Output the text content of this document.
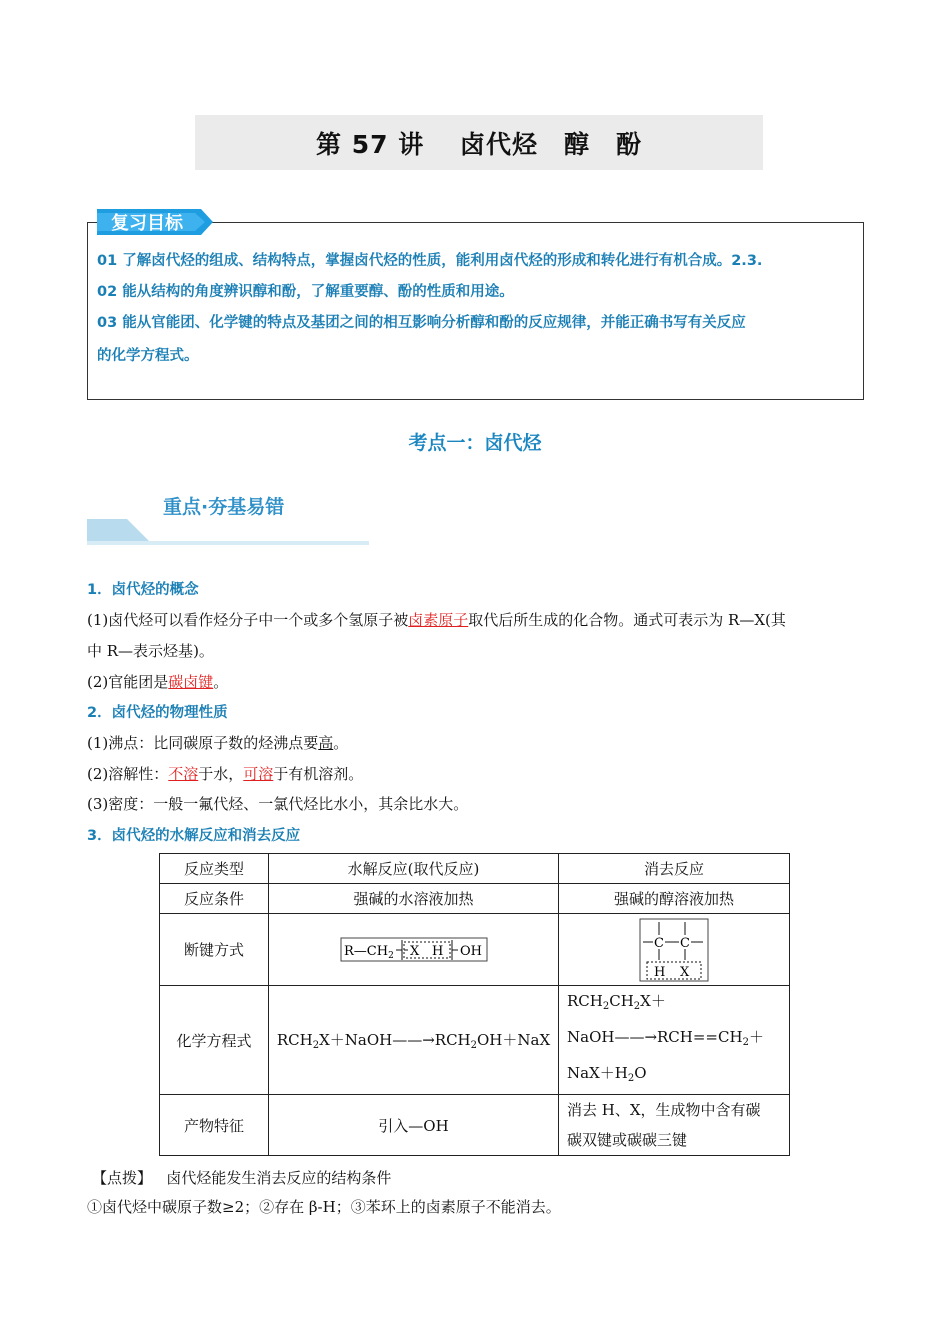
第 57 讲　 卤代烃　醇　酚
复习目标
01 了解卤代烃的组成、结构特点，掌握卤代烃的性质，能利用卤代烃的形成和转化进行有机合成。2.3.
02 能从结构的角度辨识醇和酚，了解重要醇、酚的性质和用途。
03 能从官能团、化学键的特点及基团之间的相互影响分析醇和酚的反应规律，并能正确书写有关反应
的化学方程式。
考点一：卤代烃
重点·夯基易错
1．卤代烃的概念
(1)卤代烃可以看作烃分子中一个或多个氢原子被卤素原子取代后所生成的化合物。通式可表示为 R—X(其
中 R—表示烃基)。
(2)官能团是碳卤键。
2．卤代烃的物理性质
(1)沸点：比同碳原子数的烃沸点要高。
(2)溶解性：不溶于水，可溶于有机溶剂。
(3)密度：一般一氟代烃、一氯代烃比水小，其余比水大。
3．卤代烃的水解反应和消去反应
反应类型	水解反应(取代反应)	消去反应
反应条件	强碱的水溶液加热	强碱的醇溶液加热
断键方式	$R—CH_2$ X H OH	C C
H X

化学方程式	$RCH_2X+NaOH——\to RCH_2OH+NaX$	$RCH_2CH_2X+$
$NaOH——\to RCH==CH_2+$
$NaX+H_2O$

产物特征	引入—OH	消去 H、X，生成物中含有碳
碳双键或碳碳三键
【点拨】 卤代烃能发生消去反应的结构条件
①卤代烃中碳原子数≥2；②存在 β-H；③苯环上的卤素原子不能消去。
